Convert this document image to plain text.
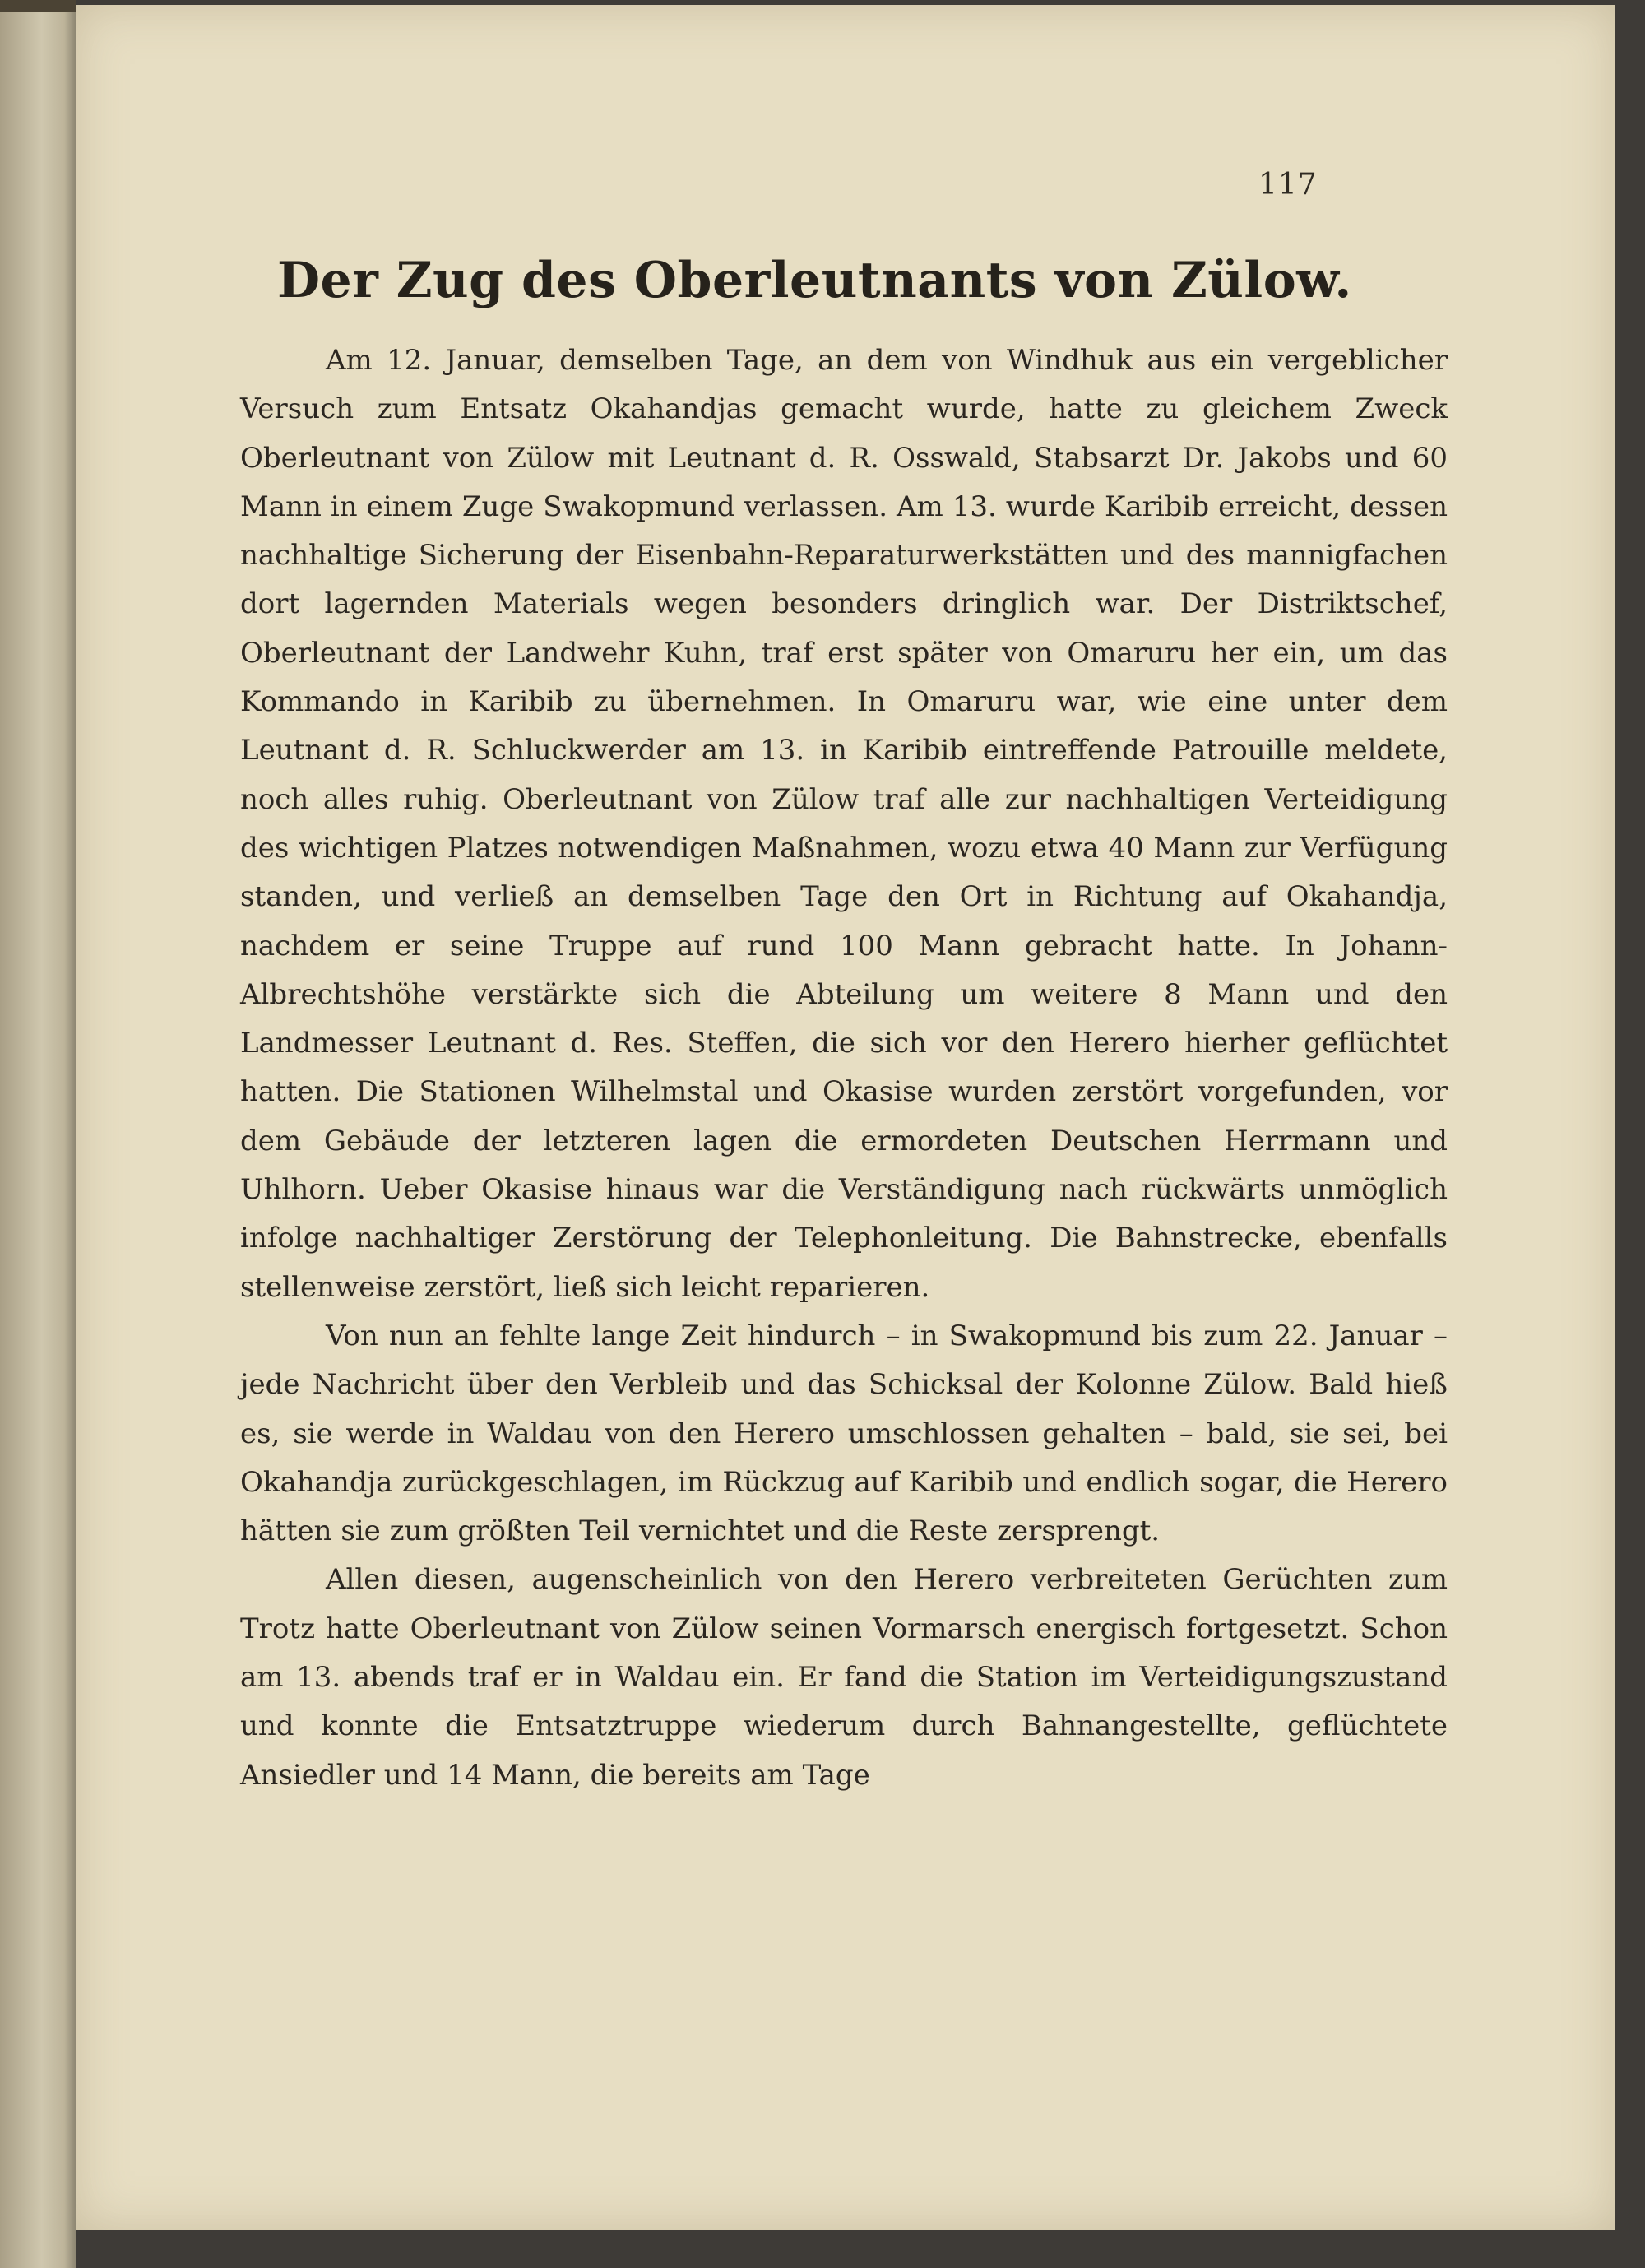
117
Der Zug des Oberleutnants von Zülow.

Am 12. Januar, demselben Tage, an dem von Windhuk aus ein vergeblicher Versuch zum Entsatz Okahandjas gemacht wurde, hatte zu gleichem Zweck Oberleutnant von Zülow mit Leutnant d. R. Osswald, Stabsarzt Dr. Jakobs und 60 Mann in einem Zuge Swakopmund verlassen. Am 13. wurde Karibib erreicht, dessen nachhaltige Sicherung der Eisenbahn-Reparaturwerkstätten und des mannigfachen dort lagernden Materials wegen besonders dringlich war. Der Distriktschef, Oberleutnant der Landwehr Kuhn, traf erst später von Omaruru her ein, um das Kommando in Karibib zu übernehmen. In Omaruru war, wie eine unter dem Leutnant d. R. Schluckwerder am 13. in Karibib eintreffende Patrouille meldete, noch alles ruhig. Oberleutnant von Zülow traf alle zur nachhaltigen Verteidigung des wichtigen Platzes notwendigen Maßnahmen, wozu etwa 40 Mann zur Verfügung standen, und verließ an demselben Tage den Ort in Richtung auf Okahandja, nachdem er seine Truppe auf rund 100 Mann gebracht hatte. In Johann-Albrechtshöhe verstärkte sich die Abteilung um weitere 8 Mann und den Landmesser Leutnant d. Res. Steffen, die sich vor den Herero hierher geflüchtet hatten. Die Stationen Wilhelmstal und Okasise wurden zerstört vorgefunden, vor dem Gebäude der letzteren lagen die ermordeten Deutschen Herrmann und Uhlhorn. Ueber Okasise hinaus war die Verständigung nach rückwärts unmöglich infolge nachhaltiger Zerstörung der Telephonleitung. Die Bahnstrecke, ebenfalls stellenweise zerstört, ließ sich leicht reparieren.

Von nun an fehlte lange Zeit hindurch – in Swakopmund bis zum 22. Januar – jede Nachricht über den Verbleib und das Schicksal der Kolonne Zülow. Bald hieß es, sie werde in Waldau von den Herero umschlossen gehalten – bald, sie sei, bei Okahandja zurückgeschlagen, im Rückzug auf Karibib und endlich sogar, die Herero hätten sie zum größten Teil vernichtet und die Reste zersprengt.

Allen diesen, augenscheinlich von den Herero verbreiteten Gerüchten zum Trotz hatte Oberleutnant von Zülow seinen Vormarsch energisch fortgesetzt. Schon am 13. abends traf er in Waldau ein. Er fand die Station im Verteidigungszustand und konnte die Entsatztruppe wiederum durch Bahnangestellte, geflüchtete Ansiedler und 14 Mann, die bereits am Tage
